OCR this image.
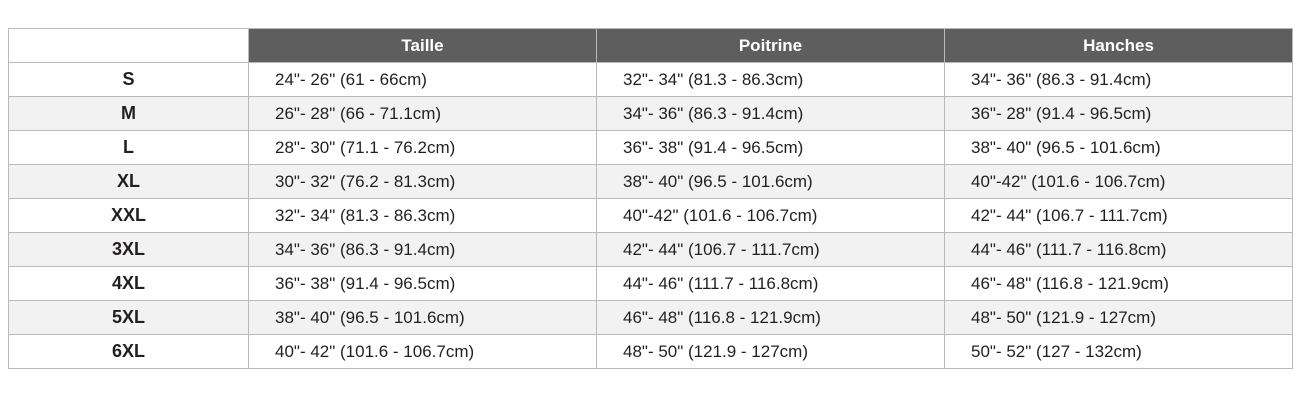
	Taille	Poitrine	Hanches
S	24"- 26" (61 - 66cm)	32"- 34" (81.3 - 86.3cm)	34"- 36" (86.3 - 91.4cm)
M	26"- 28" (66 - 71.1cm)	34"- 36" (86.3 - 91.4cm)	36"- 28" (91.4 - 96.5cm)
L	28"- 30" (71.1 - 76.2cm)	36"- 38" (91.4 - 96.5cm)	38"- 40" (96.5 - 101.6cm)
XL	30"- 32" (76.2 - 81.3cm)	38"- 40" (96.5 - 101.6cm)	40"-42" (101.6 - 106.7cm)
XXL	32"- 34" (81.3 - 86.3cm)	40"-42" (101.6 - 106.7cm)	42"- 44" (106.7 - 111.7cm)
3XL	34"- 36" (86.3 - 91.4cm)	42"- 44" (106.7 - 111.7cm)	44"- 46" (111.7 - 116.8cm)
4XL	36"- 38" (91.4 - 96.5cm)	44"- 46" (111.7 - 116.8cm)	46"- 48" (116.8 - 121.9cm)
5XL	38"- 40" (96.5 - 101.6cm)	46"- 48" (116.8 - 121.9cm)	48"- 50" (121.9 - 127cm)
6XL	40"- 42" (101.6 - 106.7cm)	48"- 50" (121.9 - 127cm)	50"- 52" (127 - 132cm)
